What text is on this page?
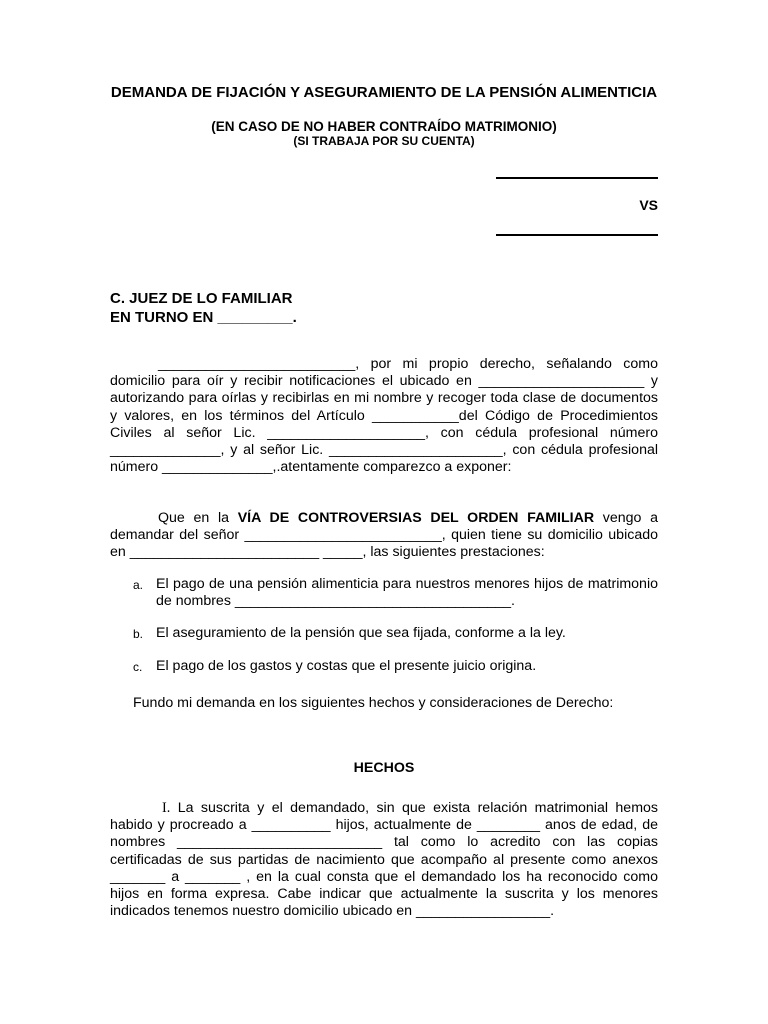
DEMANDA DE FIJACIÓN Y ASEGURAMIENTO DE LA PENSIÓN ALIMENTICIA

(EN CASO DE NO HABER CONTRAÍDO MATRIMONIO)

(SI TRABAJA POR SU CUENTA)

VS

C. JUEZ DE LO FAMILIAR
EN TURNO EN _________.

_________________________, por mi propio derecho, señalando como domicilio para oír y recibir notificaciones el ubicado en _____________________ y autorizando para oírlas y recibirlas en mi nombre y recoger toda clase de documentos y valores, en los términos del Artículo ___________del Código de Procedimientos Civiles al señor Lic. ____________________, con cédula profesional número ______________, y al señor Lic. ______________________, con cédula profesional número ______________,.atentamente comparezco a exponer:

Que en la VÍA DE CONTROVERSIAS DEL ORDEN FAMILIAR vengo a demandar del señor _________________________, quien tiene su domicilio ubicado en ________________________ _____, las siguientes prestaciones:

a. El pago de una pensión alimenticia para nuestros menores hijos de matrimonio de nombres ___________________________________.
b. El aseguramiento de la pensión que sea fijada, conforme a la ley.
c. El pago de los gastos y costas que el presente juicio origina.

Fundo mi demanda en los siguientes hechos y consideraciones de Derecho:

HECHOS

I. La suscrita y el demandado, sin que exista relación matrimonial hemos habido y procreado a __________ hijos, actualmente de ________ anos de edad, de nombres __________________________ tal como lo acredito con las copias certificadas de sus partidas de nacimiento que acompaño al presente como anexos _______ a _______ , en la cual consta que el demandado los ha reconocido como hijos en forma expresa. Cabe indicar que actualmente la suscrita y los menores indicados tenemos nuestro domicilio ubicado en _________________.
